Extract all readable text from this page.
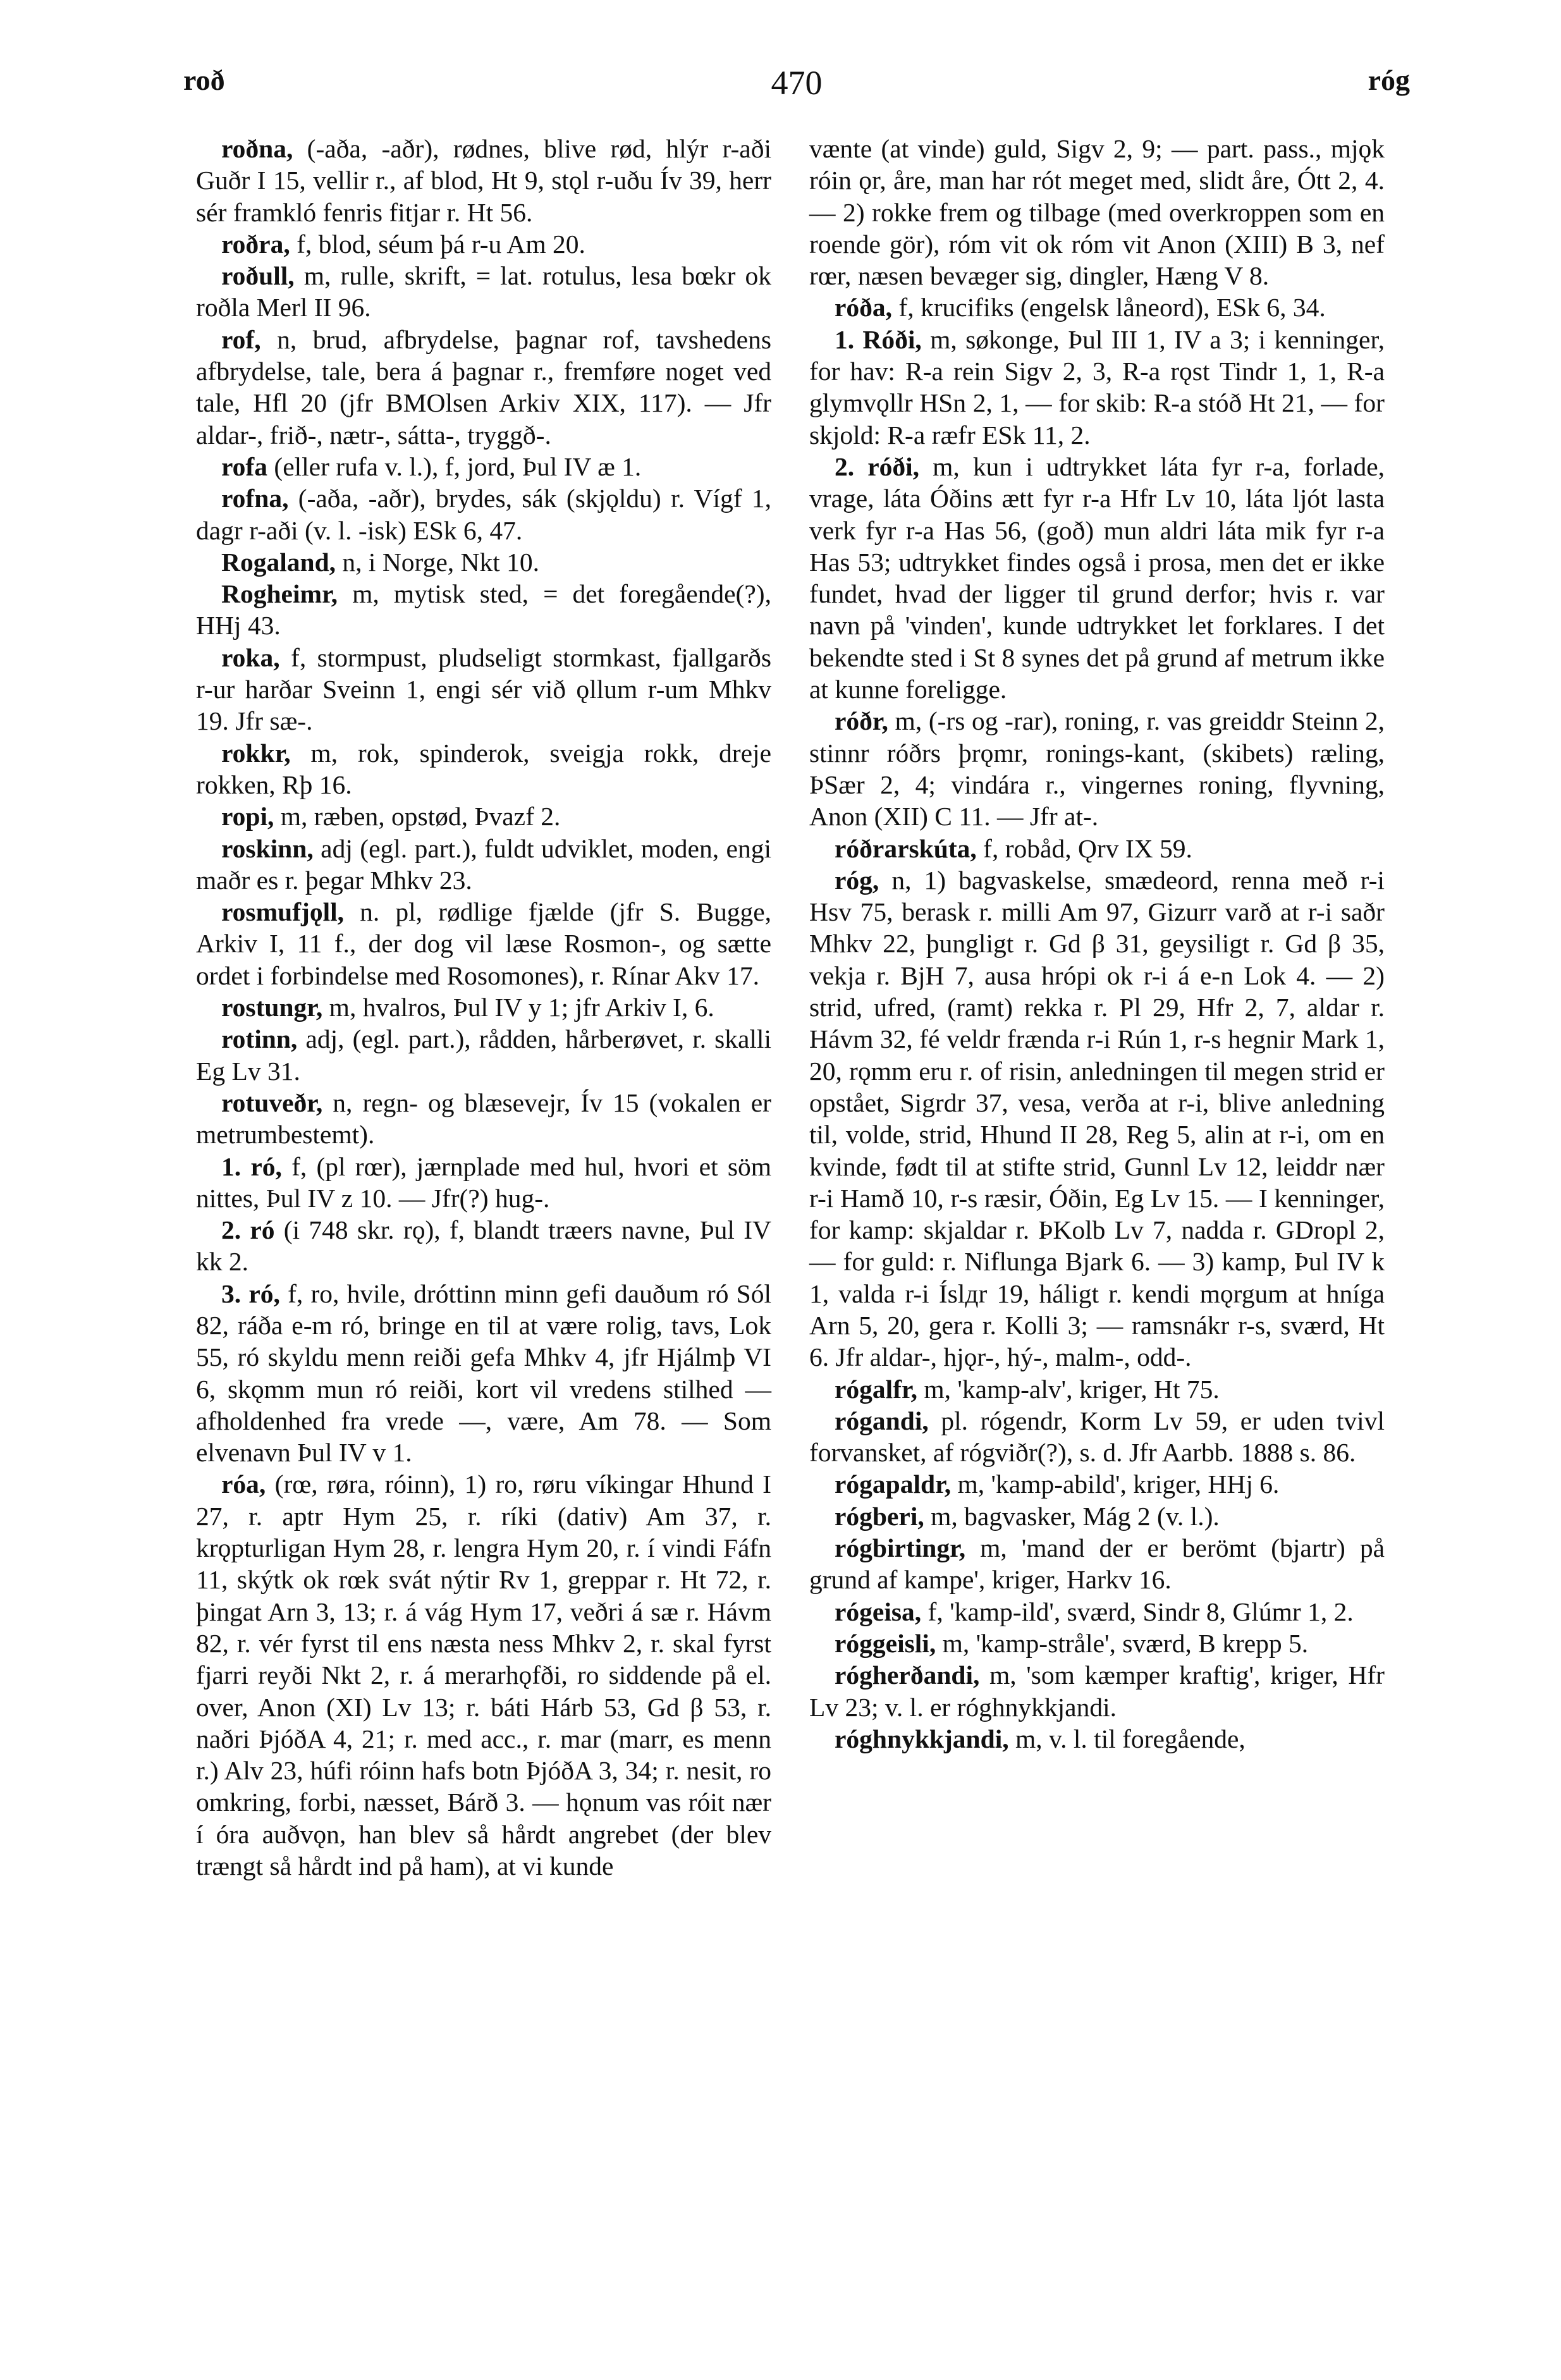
roð	470	róg

roðna, (-aða, -aðr), rødnes, blive rød, hlýr r-aði Guðr I 15, vellir r., af blod, Ht 9, stǫl r-uðu Ív 39, herr sér framkló fenris fitjar r. Ht 56.

roðra, f, blod, séum þá r-u Am 20.

roðull, m, rulle, skrift, = lat. rotulus, lesa bœkr ok roðla Merl II 96.

rof, n, brud, afbrydelse, þagnar rof, tavshedens afbrydelse, tale, bera á þagnar r., fremføre noget ved tale, Hfl 20 (jfr BMOlsen Arkiv XIX, 117). — Jfr aldar-, frið-, nætr-, sátta-, tryggð-.

rofa (eller rufa v. l.), f, jord, Þul IV æ 1.

rofna, (-aða, -aðr), brydes, sák (skjǫldu) r. Vígf 1, dagr r-aði (v. l. -isk) ESk 6, 47.

Rogaland, n, i Norge, Nkt 10.

Rogheimr, m, mytisk sted, = det foregående(?), HHj 43.

roka, f, stormpust, pludseligt stormkast, fjallgarðs r-ur harðar Sveinn 1, engi sér við ǫllum r-um Mhkv 19. Jfr sæ-.

rokkr, m, rok, spinderok, sveigja rokk, dreje rokken, Rþ 16.

ropi, m, ræben, opstød, Þvazf 2.

roskinn, adj (egl. part.), fuldt udviklet, moden, engi maðr es r. þegar Mhkv 23.

rosmufjǫll, n. pl, rødlige fjælde (jfr S. Bugge, Arkiv I, 11 f., der dog vil læse Rosmon-, og sætte ordet i forbindelse med Rosomones), r. Rínar Akv 17.

rostungr, m, hvalros, Þul IV y 1; jfr Arkiv I, 6.

rotinn, adj, (egl. part.), rådden, hårberøvet, r. skalli Eg Lv 31.

rotuveðr, n, regn- og blæsevejr, Ív 15 (vokalen er metrumbestemt).

1. ró, f, (pl rœr), jærnplade med hul, hvori et söm nittes, Þul IV z 10. — Jfr(?) hug-.

2. ró (i 748 skr. rǫ), f, blandt træers navne, Þul IV kk 2.

3. ró, f, ro, hvile, dróttinn minn gefi dauðum ró Sól 82, ráða e-m ró, bringe en til at være rolig, tavs, Lok 55, ró skyldu menn reiði gefa Mhkv 4, jfr Hjálmþ VI 6, skǫmm mun ró reiði, kort vil vredens stilhed — afholdenhed fra vrede —, være, Am 78. — Som elvenavn Þul IV v 1.

róa, (rœ, røra, róinn), 1) ro, røru víkingar Hhund I 27, r. aptr Hym 25, r. ríki (dativ) Am 37, r. krǫpturligan Hym 28, r. lengra Hym 20, r. í vindi Fáfn 11, skýtk ok rœk svát nýtir Rv 1, greppar r. Ht 72, r. þingat Arn 3, 13; r. á vág Hym 17, veðri á sæ r. Hávm 82, r. vér fyrst til ens næsta ness Mhkv 2, r. skal fyrst fjarri reyði Nkt 2, r. á merarhǫfði, ro siddende på el. over, Anon (XI) Lv 13; r. báti Hárb 53, Gd β 53, r. naðri ÞjóðA 4, 21; r. med acc., r. mar (marr, es menn r.) Alv 23, húfi róinn hafs botn ÞjóðA 3, 34; r. nesit, ro omkring, forbi, næsset, Bárð 3. — hǫnum vas róit nær í óra auðvǫn, han blev så hårdt angrebet (der blev trængt så hårdt ind på ham), at vi kunde

vænte (at vinde) guld, Sigv 2, 9; — part. pass., mjǫk róin ǫr, åre, man har rót meget med, slidt åre, Ótt 2, 4. — 2) rokke frem og tilbage (med overkroppen som en roende gör), róm vit ok róm vit Anon (XIII) B 3, nef rœr, næsen bevæger sig, dingler, Hæng V 8.

róða, f, krucifiks (engelsk låneord), ESk 6, 34.

1. Róði, m, søkonge, Þul III 1, IV a 3; i kenninger, for hav: R-a rein Sigv 2, 3, R-a rǫst Tindr 1, 1, R-a glymvǫllr HSn 2, 1, — for skib: R-a stóð Ht 21, — for skjold: R-a ræfr ESk 11, 2.

2. róði, m, kun i udtrykket láta fyr r-a, forlade, vrage, láta Óðins ætt fyr r-a Hfr Lv 10, láta ljót lasta verk fyr r-a Has 56, (goð) mun aldri láta mik fyr r-a Has 53; udtrykket findes også i prosa, men det er ikke fundet, hvad der ligger til grund derfor; hvis r. var navn på 'vinden', kunde udtrykket let forklares. I det bekendte sted i St 8 synes det på grund af metrum ikke at kunne foreligge.

róðr, m, (-rs og -rar), roning, r. vas greiddr Steinn 2, stinnr róðrs þrǫmr, ronings-kant, (skibets) ræling, ÞSær 2, 4; vindára r., vingernes roning, flyvning, Anon (XII) C 11. — Jfr at-.

róðrarskúta, f, robåd, Ǫrv IX 59.

róg, n, 1) bagvaskelse, smædeord, renna með r-i Hsv 75, berask r. milli Am 97, Gizurr varð at r-i saðr Mhkv 22, þungligt r. Gd β 31, geysiligt r. Gd β 35, vekja r. BjH 7, ausa hrópi ok r-i á e-n Lok 4. — 2) strid, ufred, (ramt) rekka r. Pl 29, Hfr 2, 7, aldar r. Hávm 32, fé veldr frænda r-i Rún 1, r-s hegnir Mark 1, 20, rǫmm eru r. of risin, anledningen til megen strid er opstået, Sigrdr 37, vesa, verða at r-i, blive anledning til, volde, strid, Hhund II 28, Reg 5, alin at r-i, om en kvinde, født til at stifte strid, Gunnl Lv 12, leiddr nær r-i Hamð 10, r-s ræsir, Óðin, Eg Lv 15. — I kenninger, for kamp: skjaldar r. ÞKolb Lv 7, nadda r. GDropl 2, — for guld: r. Niflunga Bjark 6. — 3) kamp, Þul IV k 1, valda r-i Íslдr 19, háligt r. kendi mǫrgum at hníga Arn 5, 20, gera r. Kolli 3; — ramsnákr r-s, sværd, Ht 6. Jfr aldar-, hjǫr-, hý-, malm-, odd-.

rógalfr, m, 'kamp-alv', kriger, Ht 75.

rógandi, pl. rógendr, Korm Lv 59, er uden tvivl forvansket, af rógviðr(?), s. d. Jfr Aarbb. 1888 s. 86.

rógapaldr, m, 'kamp-abild', kriger, HHj 6.

rógberi, m, bagvasker, Mág 2 (v. l.).

rógbirtingr, m, 'mand der er berömt (bjartr) på grund af kampe', kriger, Harkv 16.

rógeisa, f, 'kamp-ild', sværd, Sindr 8, Glúmr 1, 2.

róggeisli, m, 'kamp-stråle', sværd, B krepp 5.

rógherðandi, m, 'som kæmper kraftig', kriger, Hfr Lv 23; v. l. er róghnykkjandi.

róghnykkjandi, m, v. l. til foregående,
